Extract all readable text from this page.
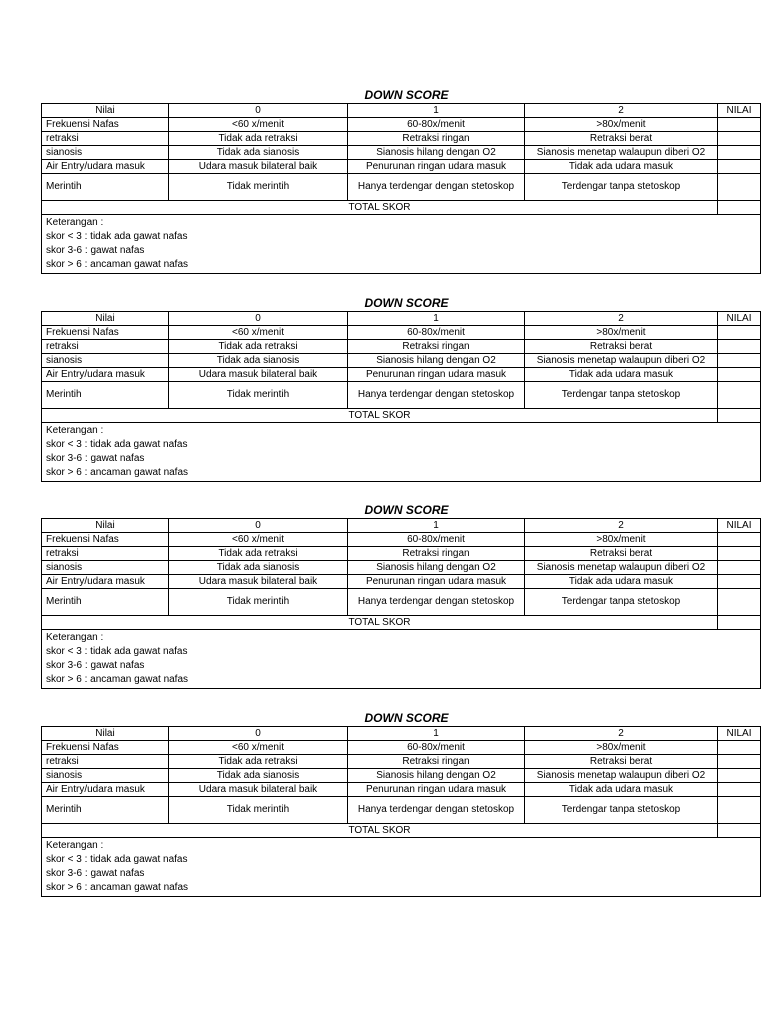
DOWN SCORE
Nilai	0	1	2	NILAI
Frekuensi Nafas	<60 x/menit	60-80x/menit	>80x/menit	
retraksi	Tidak ada retraksi	Retraksi ringan	Retraksi berat	
sianosis	Tidak ada sianosis	Sianosis hilang dengan O2	Sianosis menetap walaupun diberi O2	
Air Entry/udara masuk	Udara masuk bilateral baik	Penurunan ringan udara masuk	Tidak ada udara masuk	
Merintih	Tidak merintih	Hanya terdengar dengan stetoskop	Terdengar tanpa stetoskop	
TOTAL SKOR				

Keterangan :
skor < 3 : tidak ada gawat nafas
skor 3-6 : gawat nafas
skor > 6 : ancaman gawat nafas				
DOWN SCORE
Nilai	0	1	2	NILAI
Frekuensi Nafas	<60 x/menit	60-80x/menit	>80x/menit	
retraksi	Tidak ada retraksi	Retraksi ringan	Retraksi berat	
sianosis	Tidak ada sianosis	Sianosis hilang dengan O2	Sianosis menetap walaupun diberi O2	
Air Entry/udara masuk	Udara masuk bilateral baik	Penurunan ringan udara masuk	Tidak ada udara masuk	
Merintih	Tidak merintih	Hanya terdengar dengan stetoskop	Terdengar tanpa stetoskop	
TOTAL SKOR				

Keterangan :
skor < 3 : tidak ada gawat nafas
skor 3-6 : gawat nafas
skor > 6 : ancaman gawat nafas				
DOWN SCORE
Nilai	0	1	2	NILAI
Frekuensi Nafas	<60 x/menit	60-80x/menit	>80x/menit	
retraksi	Tidak ada retraksi	Retraksi ringan	Retraksi berat	
sianosis	Tidak ada sianosis	Sianosis hilang dengan O2	Sianosis menetap walaupun diberi O2	
Air Entry/udara masuk	Udara masuk bilateral baik	Penurunan ringan udara masuk	Tidak ada udara masuk	
Merintih	Tidak merintih	Hanya terdengar dengan stetoskop	Terdengar tanpa stetoskop	
TOTAL SKOR				

Keterangan :
skor < 3 : tidak ada gawat nafas
skor 3-6 : gawat nafas
skor > 6 : ancaman gawat nafas				
DOWN SCORE
Nilai	0	1	2	NILAI
Frekuensi Nafas	<60 x/menit	60-80x/menit	>80x/menit	
retraksi	Tidak ada retraksi	Retraksi ringan	Retraksi berat	
sianosis	Tidak ada sianosis	Sianosis hilang dengan O2	Sianosis menetap walaupun diberi O2	
Air Entry/udara masuk	Udara masuk bilateral baik	Penurunan ringan udara masuk	Tidak ada udara masuk	
Merintih	Tidak merintih	Hanya terdengar dengan stetoskop	Terdengar tanpa stetoskop	
TOTAL SKOR				

Keterangan :
skor < 3 : tidak ada gawat nafas
skor 3-6 : gawat nafas
skor > 6 : ancaman gawat nafas				
